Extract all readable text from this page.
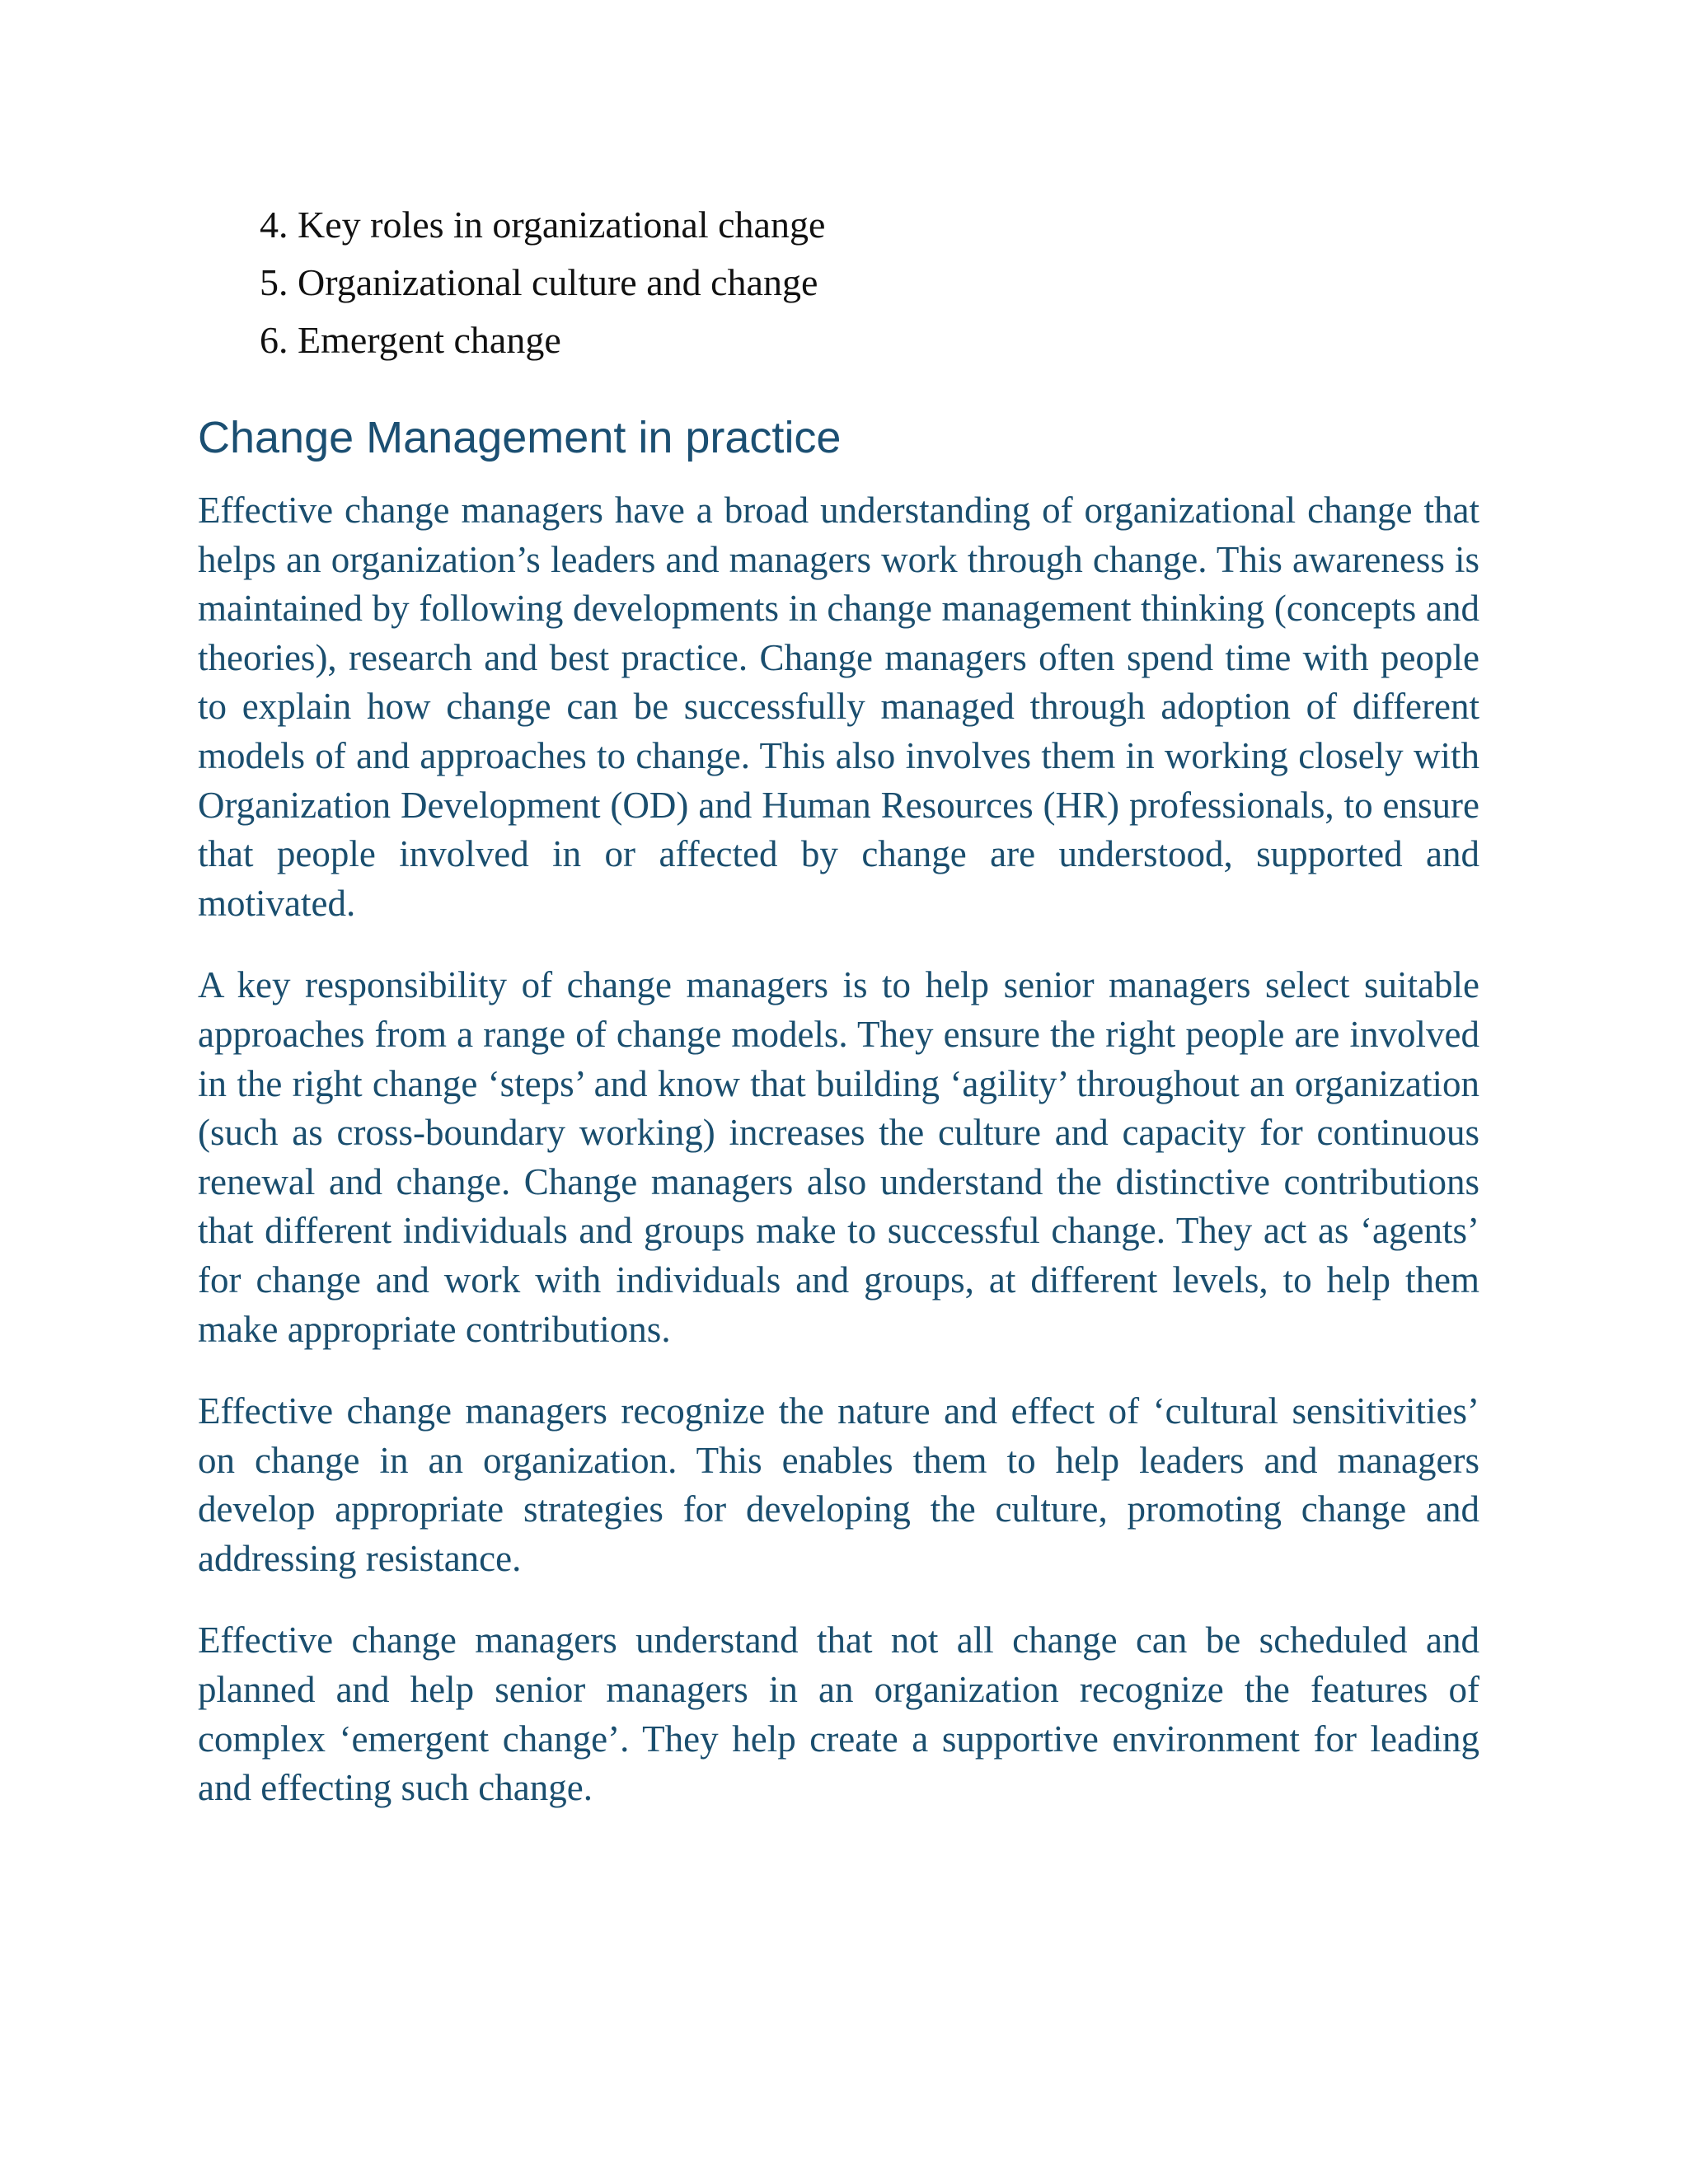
4. Key roles in organizational change
5. Organizational culture and change
6. Emergent change
Change Management in practice

Effective change managers have a broad understanding of organizational change that helps an organization’s leaders and managers work through change. This awareness is maintained by following developments in change management thinking (concepts and theories), research and best practice. Change managers often spend time with people to explain how change can be successfully managed through adoption of different models of and approaches to change. This also involves them in working closely with Organization Development (OD) and Human Resources (HR) professionals, to ensure that people involved in or affected by change are understood, supported and motivated.

A key responsibility of change managers is to help senior managers select suitable approaches from a range of change models. They ensure the right people are involved in the right change ‘steps’ and know that building ‘agility’ throughout an organization (such as cross-boundary working) increases the culture and capacity for continuous renewal and change. Change managers also understand the distinctive contributions that different individuals and groups make to successful change. They act as ‘agents’ for change and work with individuals and groups, at different levels, to help them make appropriate contributions.

Effective change managers recognize the nature and effect of ‘cultural sensitivities’ on change in an organization. This enables them to help leaders and managers develop appropriate strategies for developing the culture, promoting change and addressing resistance.

Effective change managers understand that not all change can be scheduled and planned and help senior managers in an organization recognize the features of complex ‘emergent change’. They help create a supportive environment for leading and effecting such change.
